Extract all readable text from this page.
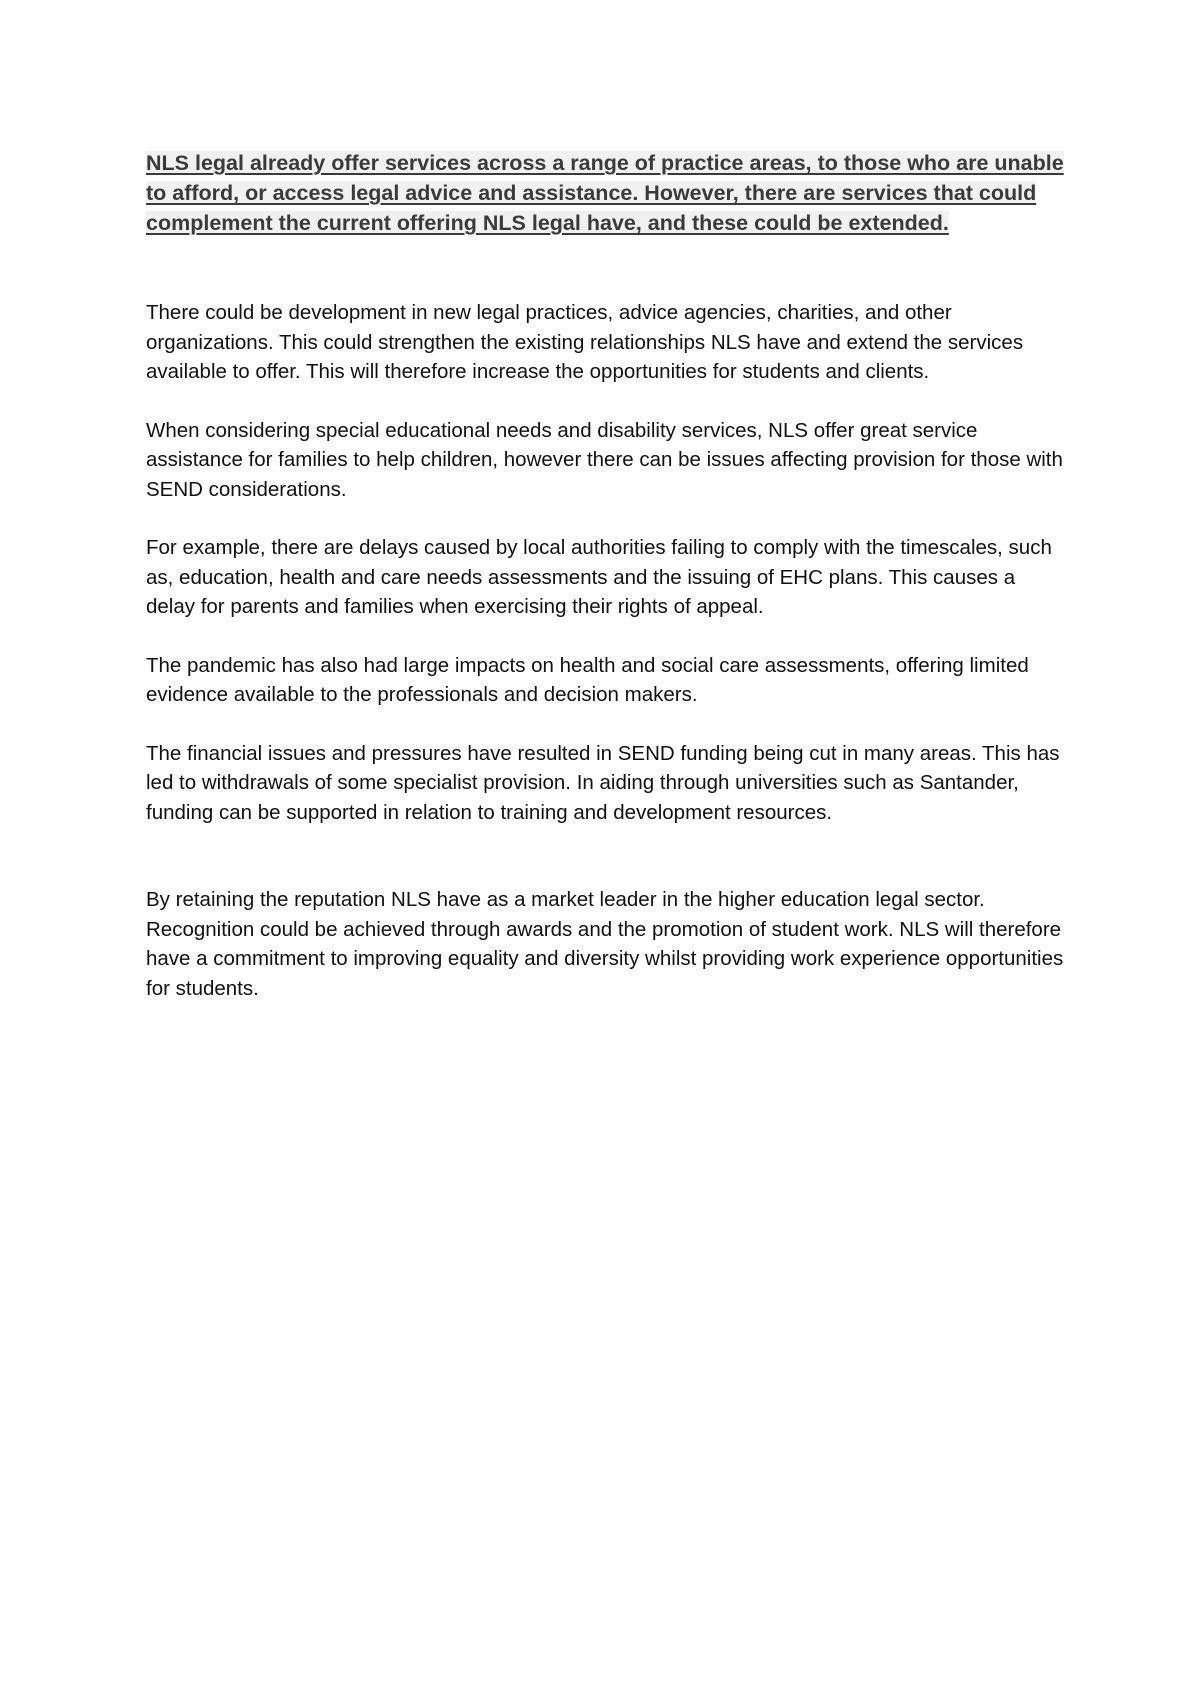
NLS legal already offer services across a range of practice areas, to those who are unable to afford, or access legal advice and assistance. However, there are services that could complement the current offering NLS legal have, and these could be extended.

There could be development in new legal practices, advice agencies, charities, and other organizations. This could strengthen the existing relationships NLS have and extend the services available to offer. This will therefore increase the opportunities for students and clients.

When considering special educational needs and disability services, NLS offer great service assistance for families to help children, however there can be issues affecting provision for those with SEND considerations.

For example, there are delays caused by local authorities failing to comply with the timescales, such as, education, health and care needs assessments and the issuing of EHC plans. This causes a delay for parents and families when exercising their rights of appeal.

The pandemic has also had large impacts on health and social care assessments, offering limited evidence available to the professionals and decision makers.

The financial issues and pressures have resulted in SEND funding being cut in many areas. This has led to withdrawals of some specialist provision. In aiding through universities such as Santander, funding can be supported in relation to training and development resources.

By retaining the reputation NLS have as a market leader in the higher education legal sector. Recognition could be achieved through awards and the promotion of student work. NLS will therefore have a commitment to improving equality and diversity whilst providing work experience opportunities for students.
